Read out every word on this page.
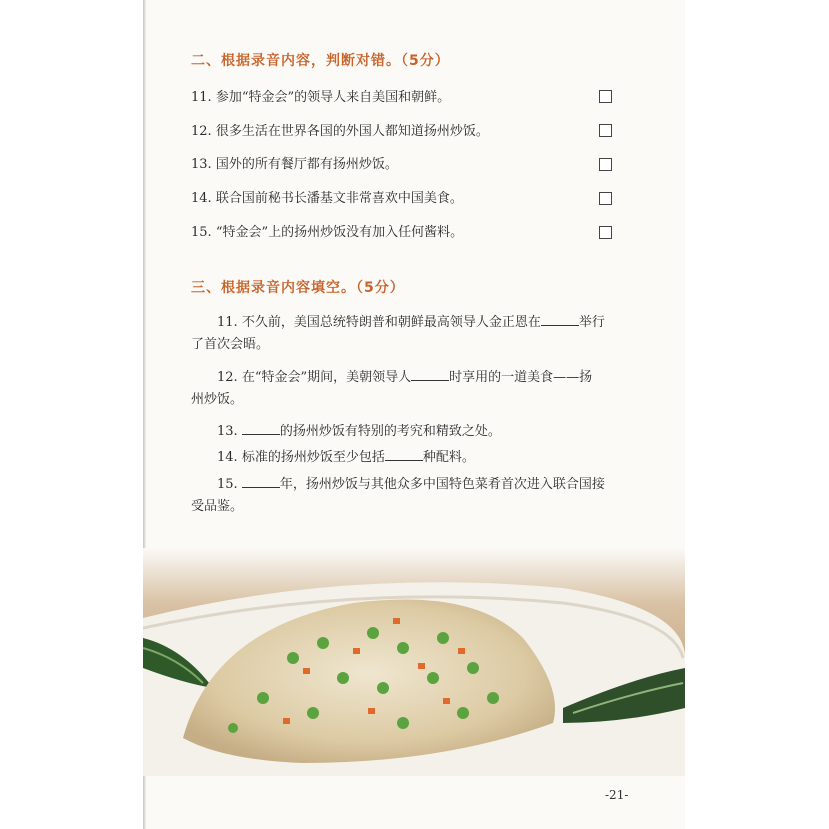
二、根据录音内容，判断对错。（5分）
11. 参加“特金会”的领导人来自美国和朝鲜。
12. 很多生活在世界各国的外国人都知道扬州炒饭。
13. 国外的所有餐厅都有扬州炒饭。
14. 联合国前秘书长潘基文非常喜欢中国美食。
15. “特金会”上的扬州炒饭没有加入任何酱料。
三、根据录音内容填空。（5分）
11. 不久前，美国总统特朗普和朝鲜最高领导人金正恩在	举行
了首次会晤。
12. 在“特金会”期间，美朝领导人	时享用的一道美食——扬
州炒饭。
13.	的扬州炒饭有特别的考究和精致之处。
14. 标准的扬州炒饭至少包括	种配料。
15.	年，扬州炒饭与其他众多中国特色菜肴首次进入联合国接
受品鉴。
-21-
